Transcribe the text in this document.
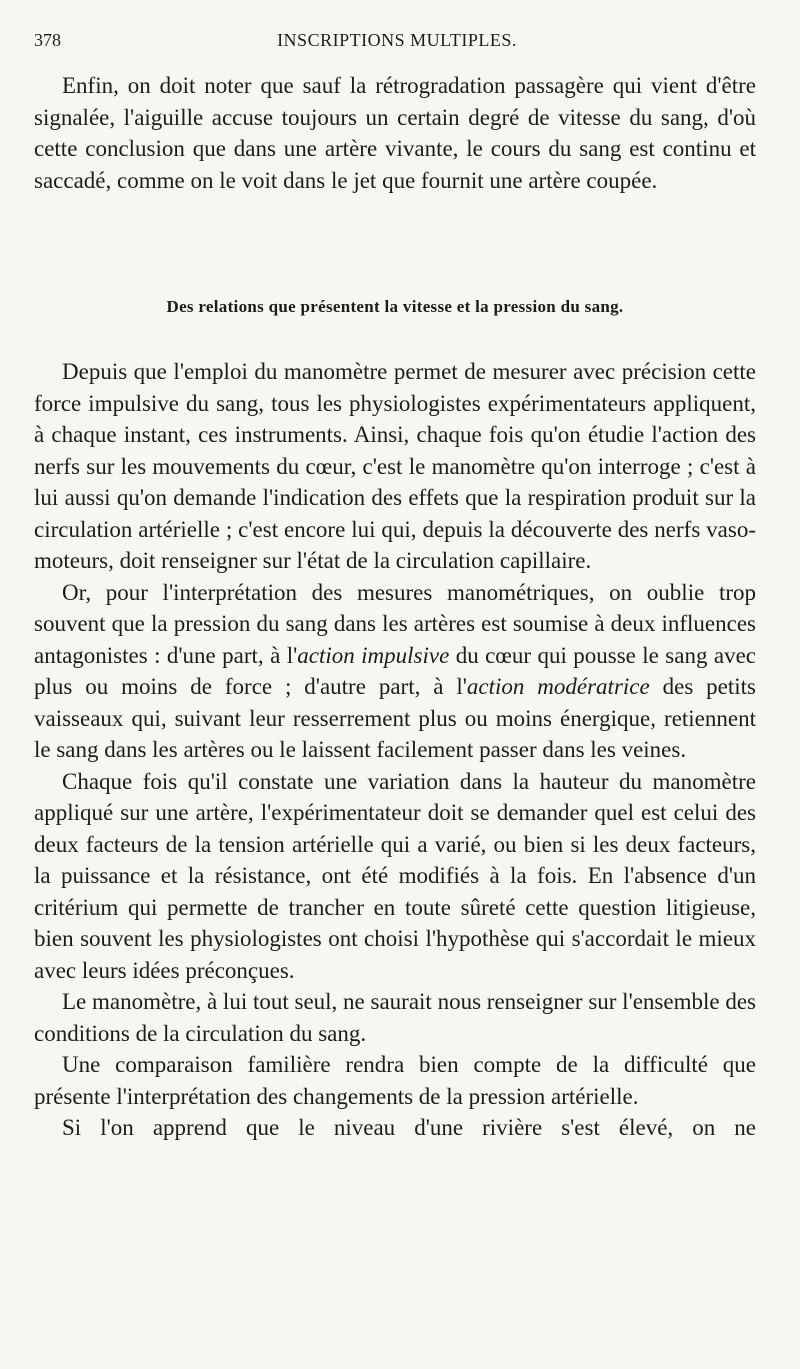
378	INSCRIPTIONS MULTIPLES.

Enfin, on doit noter que sauf la rétrogradation passagère qui vient d'être signalée, l'aiguille accuse toujours un certain degré de vitesse du sang, d'où cette conclusion que dans une artère vivante, le cours du sang est continu et saccadé, comme on le voit dans le jet que fournit une artère coupée.

Des relations que présentent la vitesse et la pression du sang.

Depuis que l'emploi du manomètre permet de mesurer avec précision cette force impulsive du sang, tous les physiologistes expérimentateurs appliquent, à chaque instant, ces instruments. Ainsi, chaque fois qu'on étudie l'action des nerfs sur les mouvements du cœur, c'est le manomètre qu'on interroge ; c'est à lui aussi qu'on demande l'indication des effets que la respiration produit sur la circulation artérielle ; c'est encore lui qui, depuis la découverte des nerfs vaso-moteurs, doit renseigner sur l'état de la circulation capillaire.

Or, pour l'interprétation des mesures manométriques, on oublie trop souvent que la pression du sang dans les artères est soumise à deux influences antagonistes : d'une part, à l'action impulsive du cœur qui pousse le sang avec plus ou moins de force ; d'autre part, à l'action modératrice des petits vaisseaux qui, suivant leur resserrement plus ou moins énergique, retiennent le sang dans les artères ou le laissent facilement passer dans les veines.

Chaque fois qu'il constate une variation dans la hauteur du manomètre appliqué sur une artère, l'expérimentateur doit se demander quel est celui des deux facteurs de la tension artérielle qui a varié, ou bien si les deux facteurs, la puissance et la résistance, ont été modifiés à la fois. En l'absence d'un critérium qui permette de trancher en toute sûreté cette question litigieuse, bien souvent les physiologistes ont choisi l'hypothèse qui s'accordait le mieux avec leurs idées préconçues.

Le manomètre, à lui tout seul, ne saurait nous renseigner sur l'ensemble des conditions de la circulation du sang.

Une comparaison familière rendra bien compte de la difficulté que présente l'interprétation des changements de la pression artérielle.

Si l'on apprend que le niveau d'une rivière s'est élevé, on ne
